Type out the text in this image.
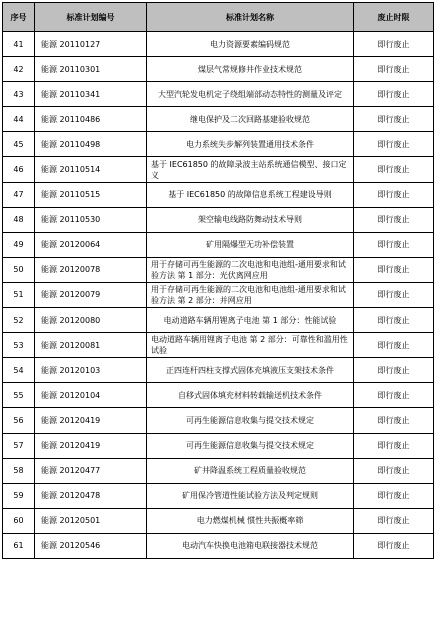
序号	标准计划编号	标准计划名称	废止时限
41	能源 20110127	电力资源要素编码规范	即行废止
42	能源 20110301	煤层气常规修井作业技术规范	即行废止
43	能源 20110341	大型汽轮发电机定子绕组端部动态特性的测量及评定	即行废止
44	能源 20110486	继电保护及二次回路基建验收规范	即行废止
45	能源 20110498	电力系统失步解列装置通用技术条件	即行废止
46	能源 20110514	基于 IEC61850 的故障录波主站系统通信模型、接口定义	即行废止
47	能源 20110515	基于 IEC61850 的故障信息系统工程建设导则	即行废止
48	能源 20110530	架空输电线路防舞动技术导则	即行废止
49	能源 20120064	矿用隔爆型无功补偿装置	即行废止
50	能源 20120078	用于存储可再生能源的二次电池和电池组-通用要求和试验方法 第 1 部分：光伏离网应用	即行废止
51	能源 20120079	用于存储可再生能源的二次电池和电池组-通用要求和试验方法 第 2 部分：并网应用	即行废止
52	能源 20120080	电动道路车辆用锂离子电池 第 1 部分：性能试验	即行废止
53	能源 20120081	电动道路车辆用锂离子电池 第 2 部分：可靠性和滥用性试验	即行废止
54	能源 20120103	正四连杆四柱支撑式固体充填液压支架技术条件	即行废止
55	能源 20120104	自移式固体填充材料转载输送机技术条件	即行废止
56	能源 20120419	可再生能源信息收集与提交技术规定	即行废止
57	能源 20120419	可再生能源信息收集与提交技术规定	即行废止
58	能源 20120477	矿井降温系统工程质量验收规范	即行废止
59	能源 20120478	矿用保冷管道性能试验方法及判定规则	即行废止
60	能源 20120501	电力燃煤机械 惯性共振概率筛	即行废止
61	能源 20120546	电动汽车快换电池箱电联接器技术规范	即行废止
